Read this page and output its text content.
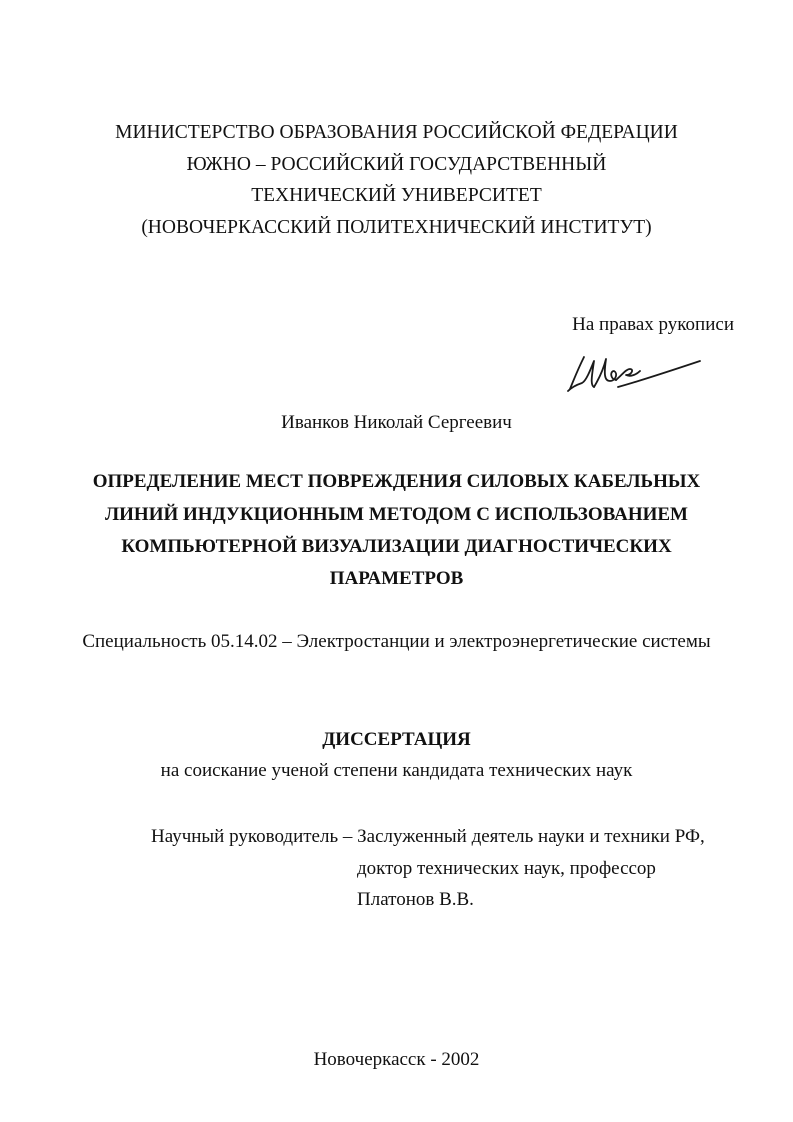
МИНИСТЕРСТВО ОБРАЗОВАНИЯ РОССИЙСКОЙ ФЕДЕРАЦИИ
ЮЖНО – РОССИЙСКИЙ ГОСУДАРСТВЕННЫЙ
ТЕХНИЧЕСКИЙ УНИВЕРСИТЕТ
(НОВОЧЕРКАССКИЙ ПОЛИТЕХНИЧЕСКИЙ ИНСТИТУТ)
На правах рукописи
Иванков Николай Сергеевич
ОПРЕДЕЛЕНИЕ МЕСТ ПОВРЕЖДЕНИЯ СИЛОВЫХ КАБЕЛЬНЫХ
ЛИНИЙ ИНДУКЦИОННЫМ МЕТОДОМ С ИСПОЛЬЗОВАНИЕМ
КОМПЬЮТЕРНОЙ ВИЗУАЛИЗАЦИИ ДИАГНОСТИЧЕСКИХ
ПАРАМЕТРОВ
Специальность 05.14.02 – Электростанции и электроэнергетические системы
ДИССЕРТАЦИЯ
на соискание ученой степени кандидата технических наук
Научный руководитель – Заслуженный деятель науки и техники РФ,
доктор технических наук, профессор
Платонов В.В.
Новочеркасск - 2002
